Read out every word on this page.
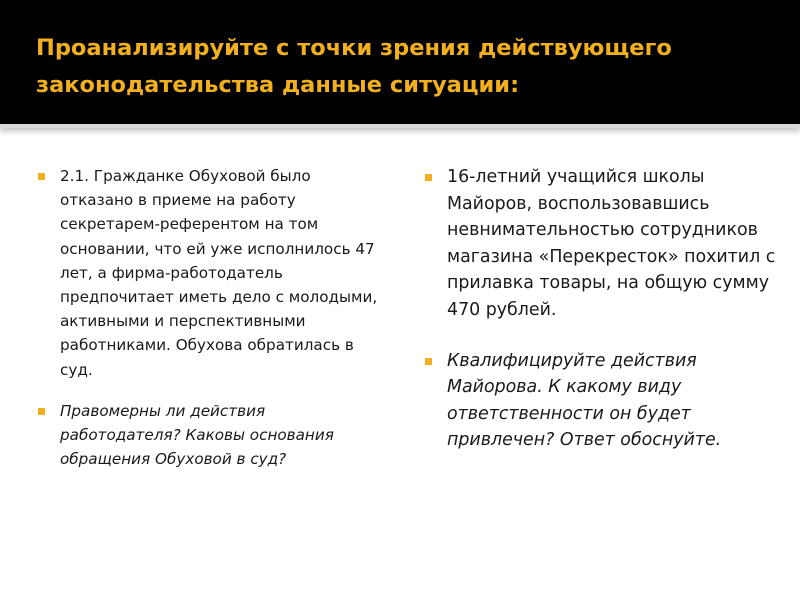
Проанализируйте с точки зрения действующего законодательства данные ситуации:

2.1. Гражданке Обуховой было отказано в приеме на работу секретарем-референтом на том основании, что ей уже исполнилось 47 лет, а фирма-работодатель предпочитает иметь дело с молодыми, активными и перспективными работниками. Обухова обратилась в суд.

Правомерны ли действия работодателя? Каковы основания обращения Обуховой в суд?

16-летний учащийся школы Майоров, воспользовавшись невнимательностью сотрудников магазина «Перекресток» похитил с прилавка товары, на общую сумму 470 рублей.

Квалифицируйте действия Майорова. К какому виду ответственности он будет привлечен? Ответ обоснуйте.
